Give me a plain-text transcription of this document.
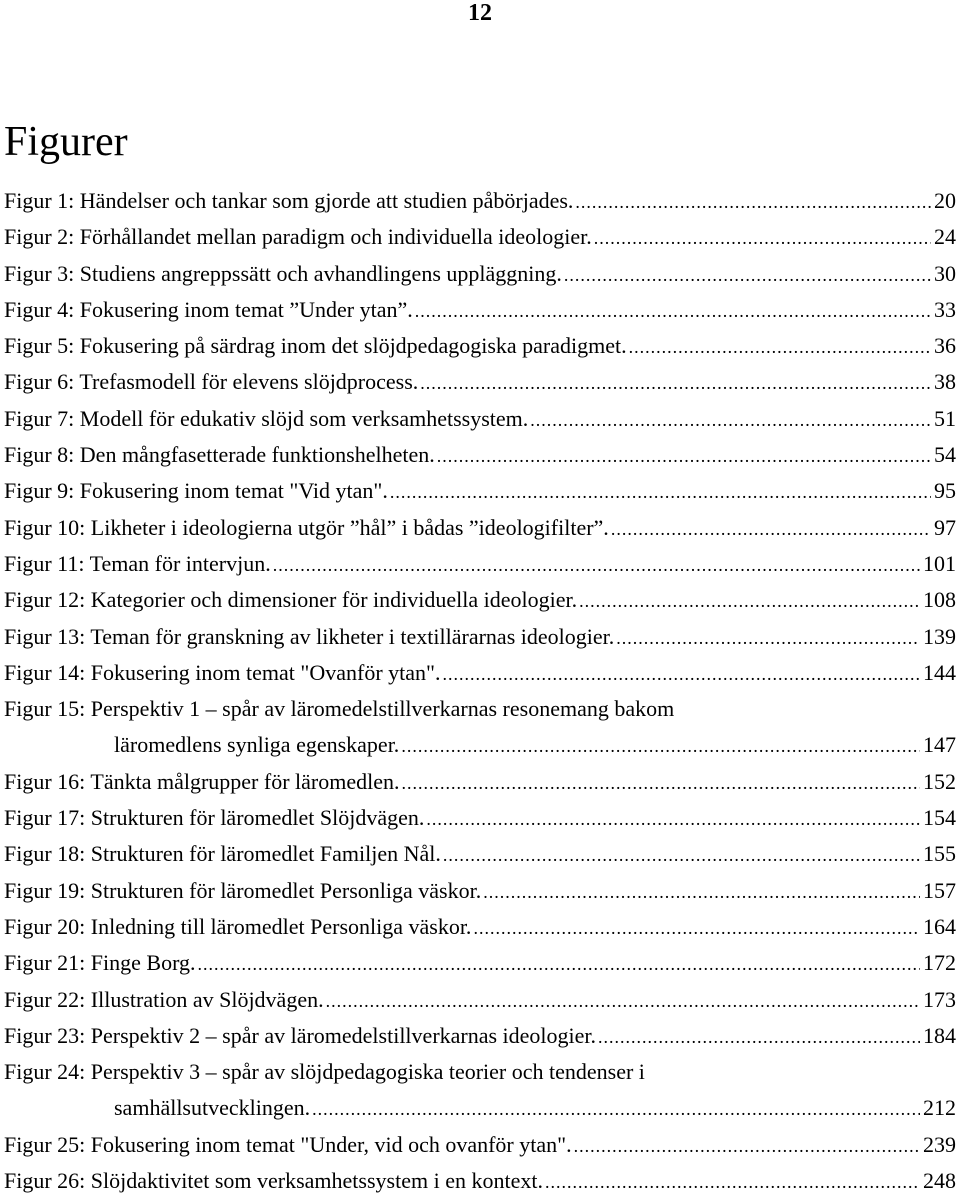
12
Figurer
Figur 1: Händelser och tankar som gjorde att studien påbörjades. .....	20
Figur 2: Förhållandet mellan paradigm och individuella ideologier. .....	24
Figur 3: Studiens angreppssätt och avhandlingens uppläggning. .....	30
Figur 4: Fokusering inom temat ”Under ytan”. .....	33
Figur 5: Fokusering på särdrag inom det slöjdpedagogiska paradigmet. .....	36
Figur 6: Trefasmodell för elevens slöjdprocess. .....	38
Figur 7: Modell för edukativ slöjd som verksamhetssystem. .....	51
Figur 8: Den mångfasetterade funktionshelheten. .....	54
Figur 9: Fokusering inom temat "Vid ytan". .....	95
Figur 10: Likheter i ideologierna utgör ”hål” i bådas ”ideologifilter”. .....	97
Figur 11: Teman för intervjun. .....	101
Figur 12: Kategorier och dimensioner för individuella ideologier. .....	108
Figur 13: Teman för granskning av likheter i textillärarnas ideologier. .....	139
Figur 14: Fokusering inom temat "Ovanför ytan". .....	144
Figur 15: Perspektiv 1 – spår av läromedelstillverkarnas resonemang bakom
läromedlens synliga egenskaper. .....	147
Figur 16: Tänkta målgrupper för läromedlen. .....	152
Figur 17: Strukturen för läromedlet Slöjdvägen. .....	154
Figur 18: Strukturen för läromedlet Familjen Nål. .....	155
Figur 19: Strukturen för läromedlet Personliga väskor. .....	157
Figur 20: Inledning till läromedlet Personliga väskor. .....	164
Figur 21: Finge Borg. .....	172
Figur 22: Illustration av Slöjdvägen. .....	173
Figur 23: Perspektiv 2 – spår av läromedelstillverkarnas ideologier. .....	184
Figur 24: Perspektiv 3 – spår av slöjdpedagogiska teorier och tendenser i
samhällsutvecklingen. .....	212
Figur 25: Fokusering inom temat "Under, vid och ovanför ytan". .....	239
Figur 26: Slöjdaktivitet som verksamhetssystem i en kontext. .....	248
